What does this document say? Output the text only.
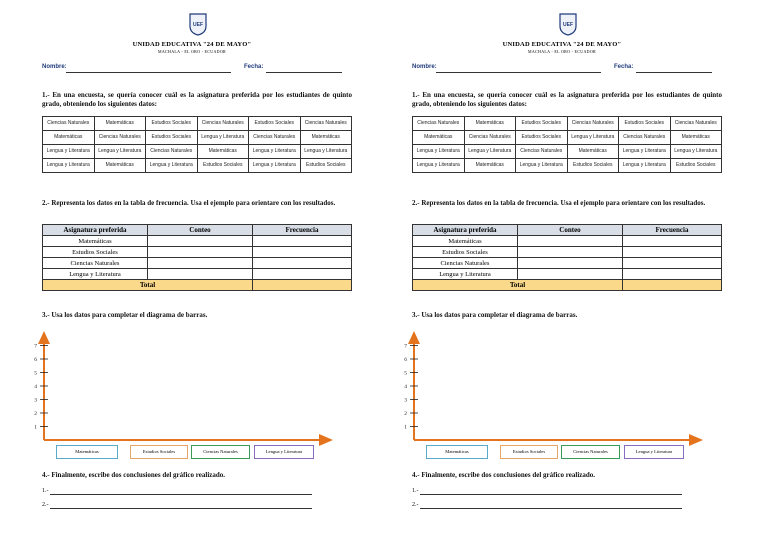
UEF
UNIDAD EDUCATIVA "24 DE MAYO"
MACHALA - EL ORO - ECUADOR
Nombre:	Fecha:
1.- En una encuesta, se quería conocer cuál es la asignatura preferida por los estudiantes de quinto grado, obteniendo los siguientes datos:
Ciencias Naturales	Matemáticas	Estudios Sociales	Ciencias Naturales	Estudios Sociales	Ciencias Naturales
Matemáticas	Ciencias Naturales	Estudios Sociales	Lengua y Literatura	Ciencias Naturales	Matemáticas
Lengua y Literatura	Lengua y Literatura	Ciencias Naturales	Matemáticas	Lengua y Literatura	Lengua y Literatura
Lengua y Literatura	Matemáticas	Lengua y Literatura	Estudios Sociales	Lengua y Literatura	Estudios Sociales
2.- Representa los datos en la tabla de frecuencia. Usa el ejemplo para orientare con los resultados.
Asignatura preferida	Conteo	Frecuencia
Matemáticas		
Estudios Sociales		
Ciencias Naturales		
Lengua y Literatura		
Total		
3.- Usa los datos para completar el diagrama de barras.
1
2
3
4
5
6
7
Matemáticas	Estudios Sociales	Ciencias Naturales	Lengua y Literatura
4.- Finalmente, escribe dos conclusiones del gráfico realizado.
1.-
2.-
UEF
UNIDAD EDUCATIVA "24 DE MAYO"
MACHALA - EL ORO - ECUADOR
Nombre:	Fecha:
1.- En una encuesta, se quería conocer cuál es la asignatura preferida por los estudiantes de quinto grado, obteniendo los siguientes datos:
Ciencias Naturales	Matemáticas	Estudios Sociales	Ciencias Naturales	Estudios Sociales	Ciencias Naturales
Matemáticas	Ciencias Naturales	Estudios Sociales	Lengua y Literatura	Ciencias Naturales	Matemáticas
Lengua y Literatura	Lengua y Literatura	Ciencias Naturales	Matemáticas	Lengua y Literatura	Lengua y Literatura
Lengua y Literatura	Matemáticas	Lengua y Literatura	Estudios Sociales	Lengua y Literatura	Estudios Sociales
2.- Representa los datos en la tabla de frecuencia. Usa el ejemplo para orientare con los resultados.
Asignatura preferida	Conteo	Frecuencia
Matemáticas		
Estudios Sociales		
Ciencias Naturales		
Lengua y Literatura		
Total		
3.- Usa los datos para completar el diagrama de barras.
1
2
3
4
5
6
7
Matemáticas	Estudios Sociales	Ciencias Naturales	Lengua y Literatura
4.- Finalmente, escribe dos conclusiones del gráfico realizado.
1.-
2.-
